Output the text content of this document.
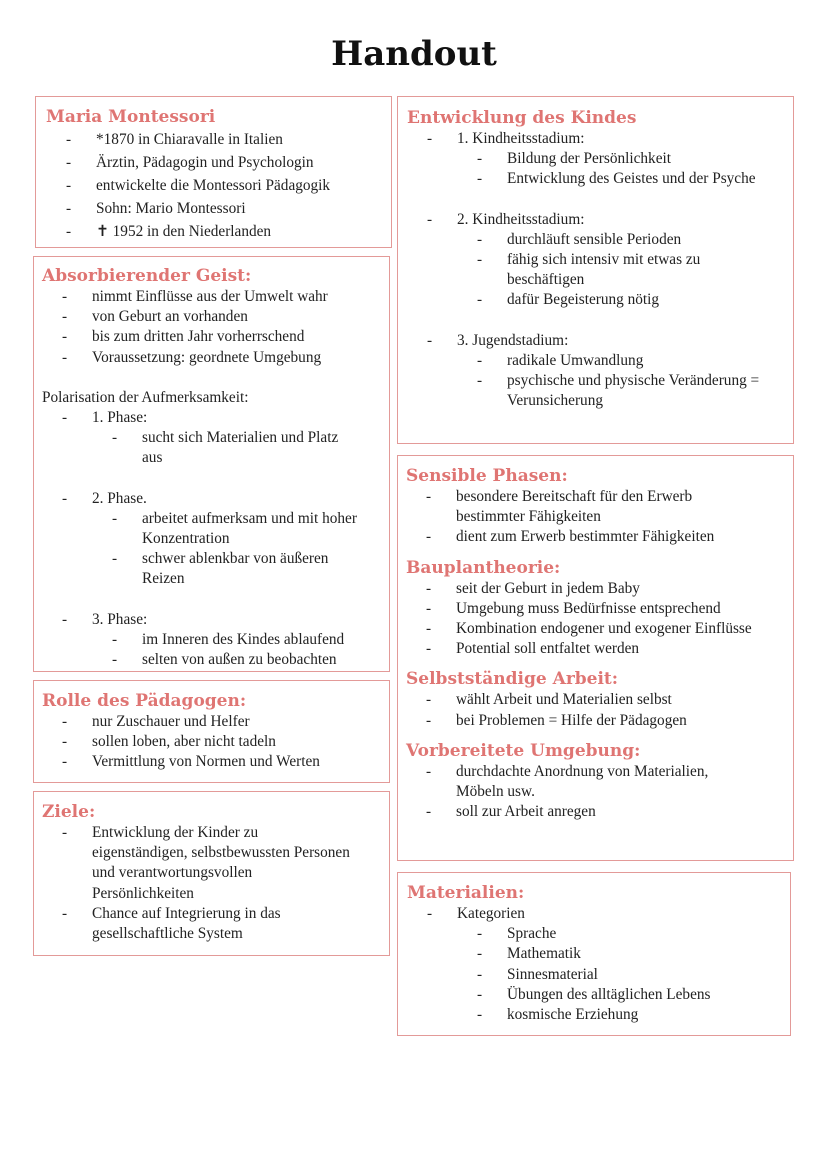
Handout
Maria Montessori
- *1870 in Chiaravalle in Italien
- Ärztin, Pädagogin und Psychologin
- entwickelte die Montessori Pädagogik
- Sohn: Mario Montessori
- ✝ 1952 in den Niederlanden
Absorbierender Geist:
- nimmt Einflüsse aus der Umwelt wahr
- von Geburt an vorhanden
- bis zum dritten Jahr vorherrschend
- Voraussetzung: geordnete Umgebung
Polarisation der Aufmerksamkeit:
- 1. Phase:
- sucht sich Materialien und Platz
aus
- 2. Phase.
- arbeitet aufmerksam und mit hoher
Konzentration
- schwer ablenkbar von äußeren
Reizen
- 3. Phase:
- im Inneren des Kindes ablaufend
- selten von außen zu beobachten
Rolle des Pädagogen:
- nur Zuschauer und Helfer
- sollen loben, aber nicht tadeln
- Vermittlung von Normen und Werten
Ziele:
- Entwicklung der Kinder zu
eigenständigen, selbstbewussten Personen
und verantwortungsvollen
Persönlichkeiten
- Chance auf Integrierung in das
gesellschaftliche System
Entwicklung des Kindes
- 1. Kindheitsstadium:
- Bildung der Persönlichkeit
- Entwicklung des Geistes und der Psyche
- 2. Kindheitsstadium:
- durchläuft sensible Perioden
- fähig sich intensiv mit etwas zu
beschäftigen
- dafür Begeisterung nötig
- 3. Jugendstadium:
- radikale Umwandlung
- psychische und physische Veränderung =
Verunsicherung
Sensible Phasen:
- besondere Bereitschaft für den Erwerb
bestimmter Fähigkeiten
- dient zum Erwerb bestimmter Fähigkeiten
Bauplantheorie:
- seit der Geburt in jedem Baby
- Umgebung muss Bedürfnisse entsprechend
- Kombination endogener und exogener Einflüsse
- Potential soll entfaltet werden
Selbstständige Arbeit:
- wählt Arbeit und Materialien selbst
- bei Problemen = Hilfe der Pädagogen
Vorbereitete Umgebung:
- durchdachte Anordnung von Materialien,
Möbeln usw.
- soll zur Arbeit anregen
Materialien:
- Kategorien
- Sprache
- Mathematik
- Sinnesmaterial
- Übungen des alltäglichen Lebens
- kosmische Erziehung
